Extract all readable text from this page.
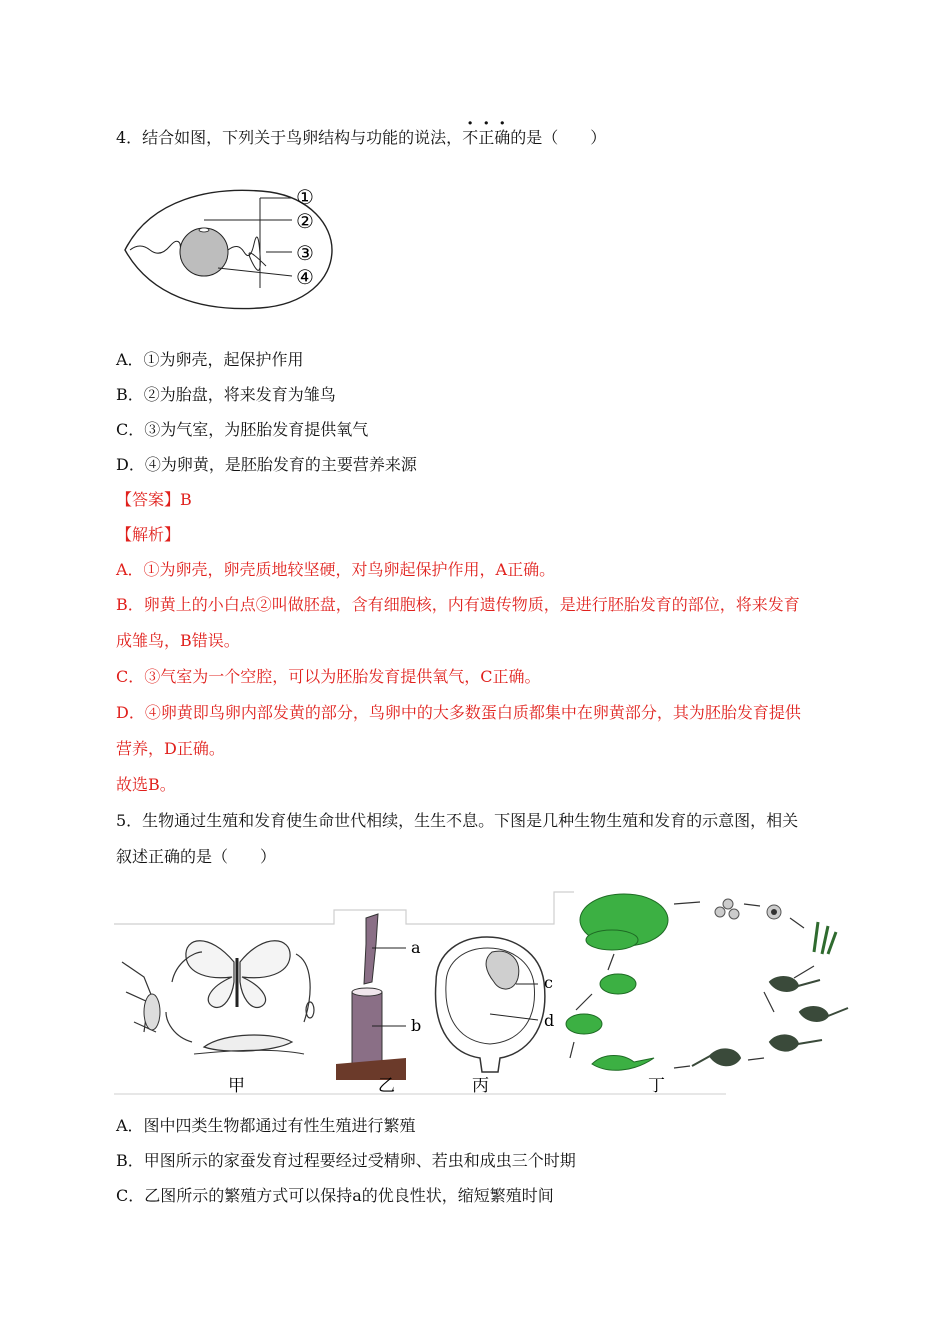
4．结合如图，下列关于鸟卵结构与功能的说法，不正确的是（　　）
①
②
③
④
A．①为卵壳，起保护作用
B．②为胎盘，将来发育为雏鸟
C．③为气室，为胚胎发育提供氧气
D．④为卵黄，是胚胎发育的主要营养来源
【答案】B
【解析】
A．①为卵壳，卵壳质地较坚硬，对鸟卵起保护作用，A正确。
B．卵黄上的小白点②叫做胚盘，含有细胞核，内有遗传物质，是进行胚胎发育的部位，将来发育
成雏鸟，B错误。
C．③气室为一个空腔，可以为胚胎发育提供氧气，C正确。
D．④卵黄即鸟卵内部发黄的部分，鸟卵中的大多数蛋白质都集中在卵黄部分，其为胚胎发育提供
营养，D正确。
故选B。
5．生物通过生殖和发育使生命世代相续，生生不息。下图是几种生物生殖和发育的示意图，相关
叙述正确的是（　　）
甲
a
b
乙
c
d
丙	丁
A．图中四类生物都通过有性生殖进行繁殖
B．甲图所示的家蚕发育过程要经过受精卵、若虫和成虫三个时期
C．乙图所示的繁殖方式可以保持a的优良性状，缩短繁殖时间
